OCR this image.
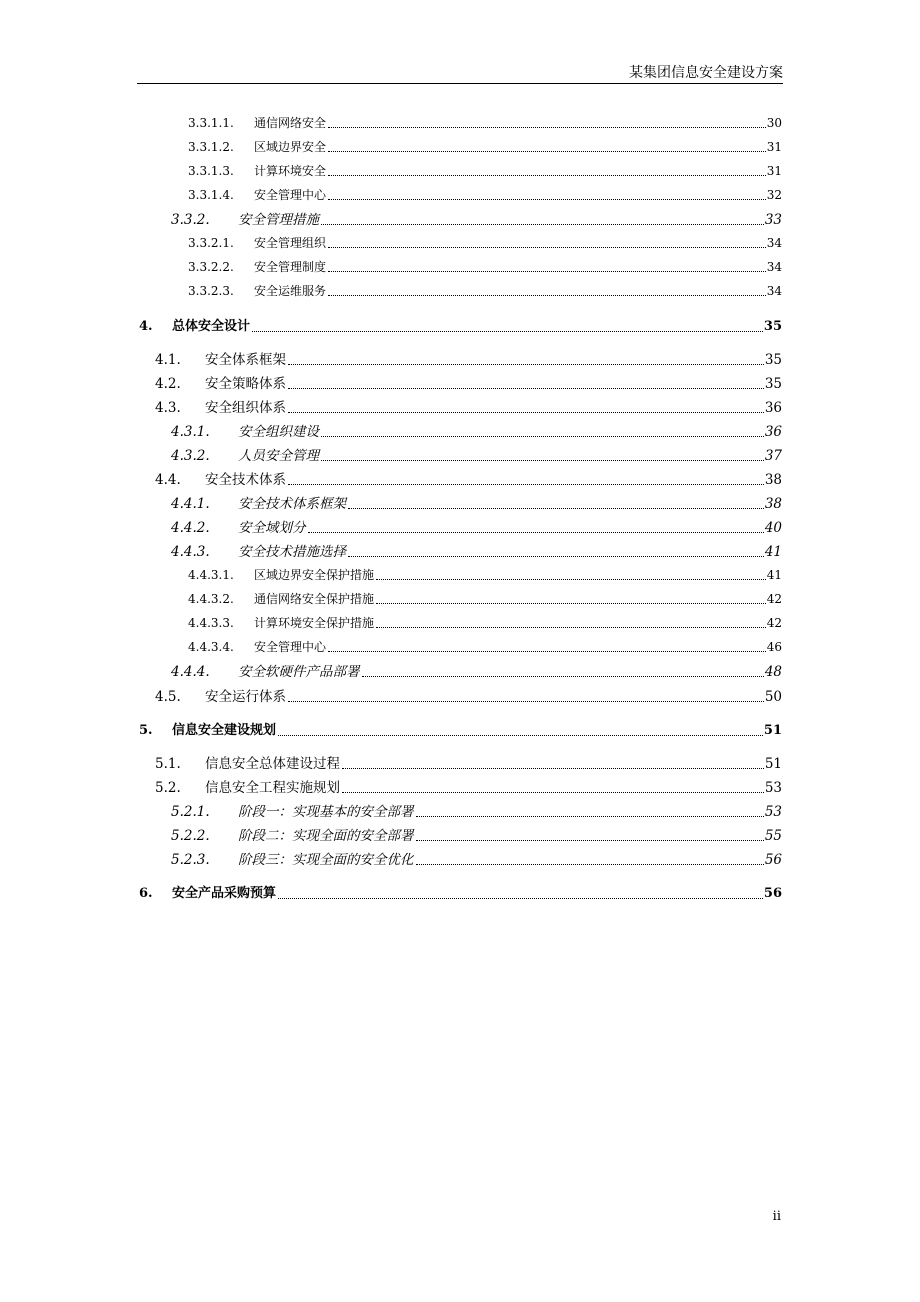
某集团信息安全建设方案
3.3.1.1.	通信网络安全	30
3.3.1.2.	区域边界安全	31
3.3.1.3.	计算环境安全	31
3.3.1.4.	安全管理中心	32
3.3.2.	安全管理措施	33
3.3.2.1.	安全管理组织	34
3.3.2.2.	安全管理制度	34
3.3.2.3.	安全运维服务	34
4.	总体安全设计	35
4.1.	安全体系框架	35
4.2.	安全策略体系	35
4.3.	安全组织体系	36
4.3.1.	安全组织建设	36
4.3.2.	人员安全管理	37
4.4.	安全技术体系	38
4.4.1.	安全技术体系框架	38
4.4.2.	安全域划分	40
4.4.3.	安全技术措施选择	41
4.4.3.1.	区域边界安全保护措施	41
4.4.3.2.	通信网络安全保护措施	42
4.4.3.3.	计算环境安全保护措施	42
4.4.3.4.	安全管理中心	46
4.4.4.	安全软硬件产品部署	48
4.5.	安全运行体系	50
5.	信息安全建设规划	51
5.1.	信息安全总体建设过程	51
5.2.	信息安全工程实施规划	53
5.2.1.	阶段一：实现基本的安全部署	53
5.2.2.	阶段二：实现全面的安全部署	55
5.2.3.	阶段三：实现全面的安全优化	56
6.	安全产品采购预算	56
ii
